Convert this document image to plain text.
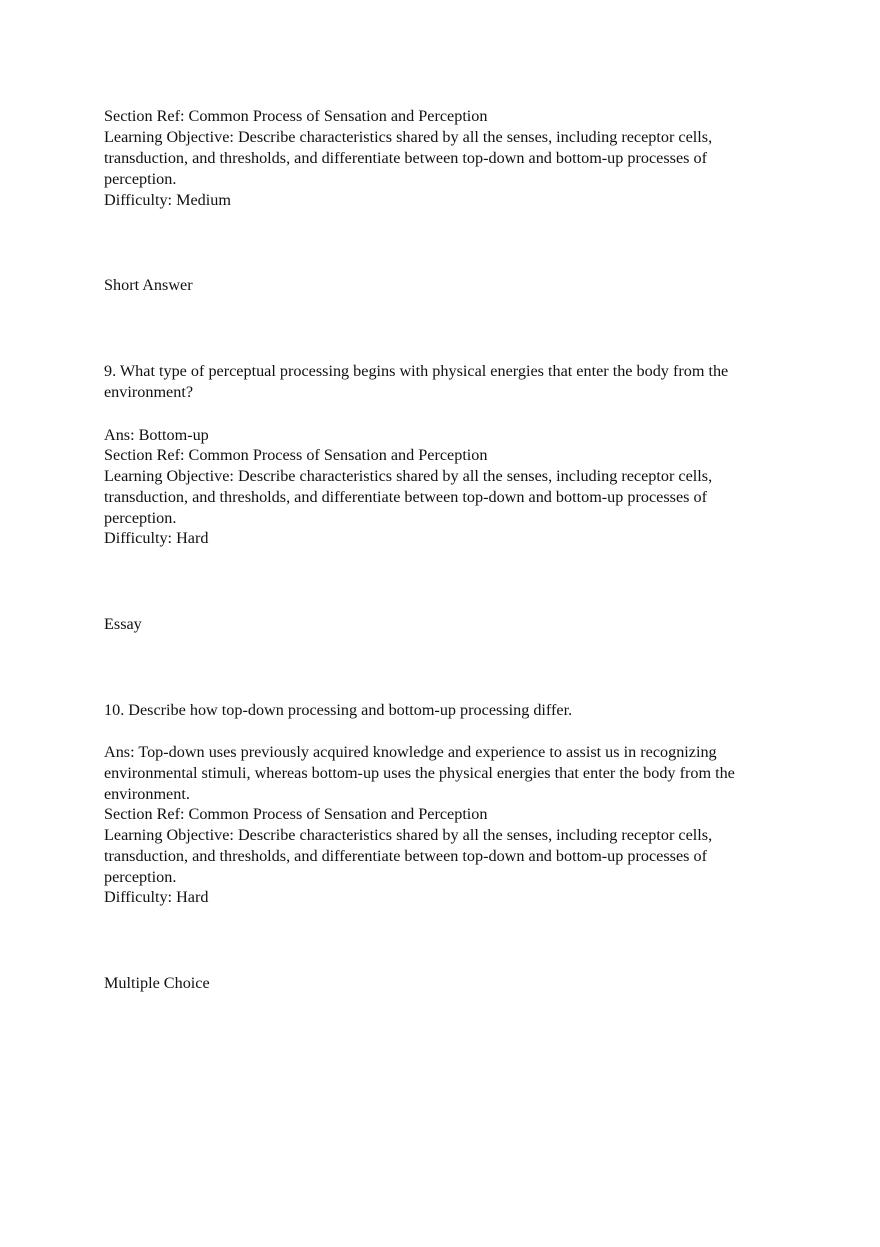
Section Ref: Common Process of Sensation and Perception

Learning Objective: Describe characteristics shared by all the senses, including receptor cells,

transduction, and thresholds, and differentiate between top-down and bottom-up processes of

perception.

Difficulty: Medium

Short Answer

9. What type of perceptual processing begins with physical energies that enter the body from the

environment?

Ans: Bottom-up

Section Ref: Common Process of Sensation and Perception

Learning Objective: Describe characteristics shared by all the senses, including receptor cells,

transduction, and thresholds, and differentiate between top-down and bottom-up processes of

perception.

Difficulty: Hard

Essay

10. Describe how top-down processing and bottom-up processing differ.

Ans: Top-down uses previously acquired knowledge and experience to assist us in recognizing

environmental stimuli, whereas bottom-up uses the physical energies that enter the body from the

environment.

Section Ref: Common Process of Sensation and Perception

Learning Objective: Describe characteristics shared by all the senses, including receptor cells,

transduction, and thresholds, and differentiate between top-down and bottom-up processes of

perception.

Difficulty: Hard

Multiple Choice
